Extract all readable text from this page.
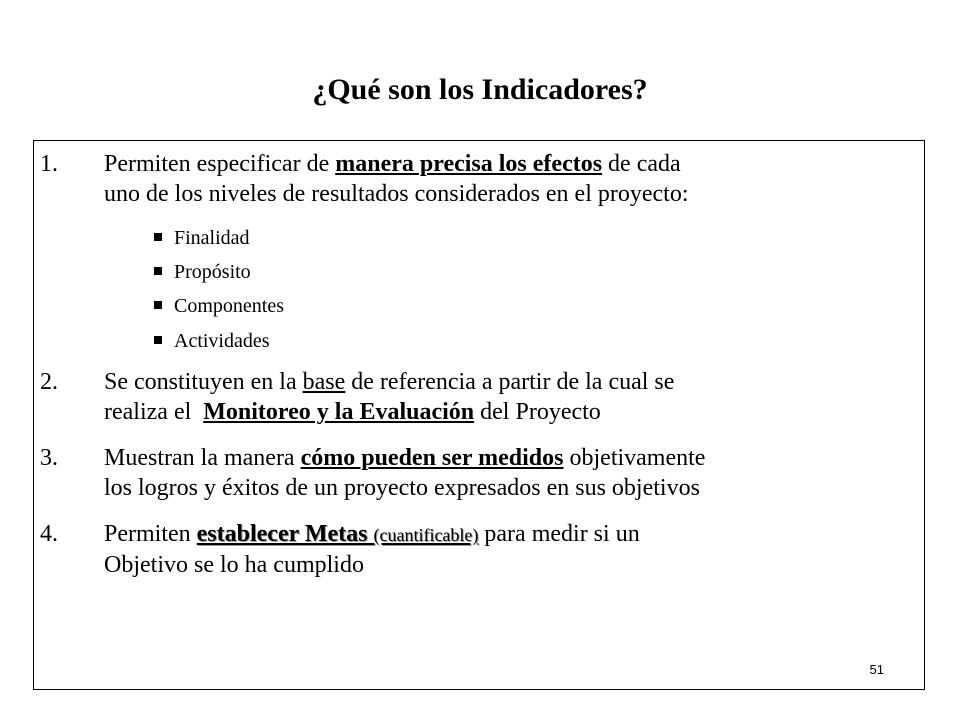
¿Qué son los Indicadores?
1.	Permiten especificar de manera precisa los efectos de cada
uno de los niveles de resultados considerados en el proyecto:
Finalidad
Propósito
Componentes
Actividades
2.	Se constituyen en la base de referencia a partir de la cual se
realiza el  Monitoreo y la Evaluación del Proyecto
3.	Muestran la manera cómo pueden ser medidos objetivamente
los logros y éxitos de un proyecto expresados en sus objetivos
4.	Permiten establecer Metas (cuantificable) para medir si un
Objetivo se lo ha cumplido
51
